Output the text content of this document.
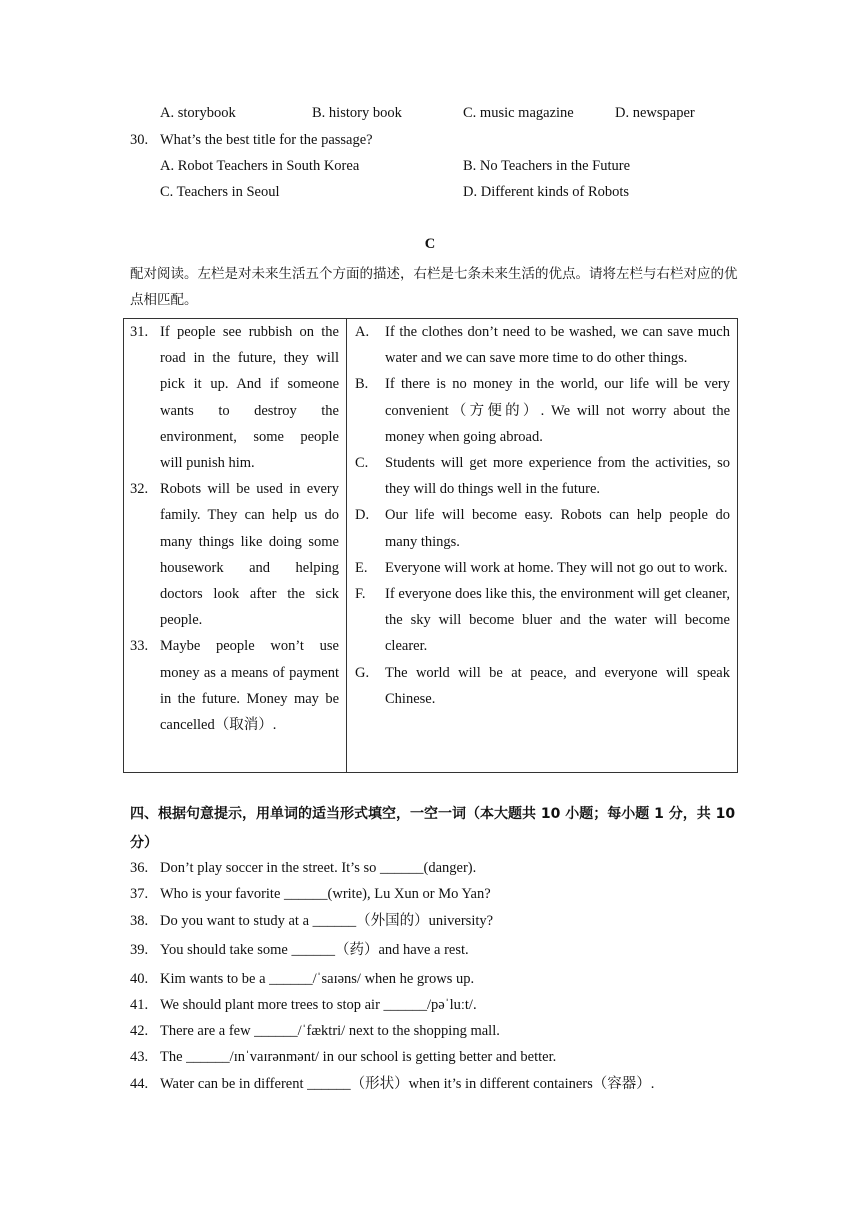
A. storybook	B. history book	C. music magazine	D. newspaper
30. What’s the best title for the passage?
A. Robot Teachers in South Korea	B. No Teachers in the Future
C. Teachers in Seoul	D. Different kinds of Robots
C
配对阅读。左栏是对未来生活五个方面的描述，右栏是七条未来生活的优点。请将左栏与右栏对应的优点相匹配。
31. If people see rubbish on the road in the future, they will pick it up. And if someone wants to destroy the environment, some people will punish him.
32. Robots will be used in every family. They can help us do many things like doing some housework and helping doctors look after the sick people.
33. Maybe people won’t use money as a means of payment in the future. Money may be cancelled（取消）.

A.	If the clothes don’t need to be washed, we can save much water and we can save more time to do other things.
B.	If there is no money in the world, our life will be very convenient（方便的）. We will not worry about the money when going abroad.
C.	Students will get more experience from the activities, so they will do things well in the future.
D.	Our life will become easy. Robots can help people do many things.
E.	Everyone will work at home. They will not go out to work.
F.	If everyone does like this, the environment will get cleaner, the sky will become bluer and the water will become clearer.
G.	The world will be at peace, and everyone will speak Chinese.
四、根据句意提示，用单词的适当形式填空，一空一词（本大题共 10 小题；每小题 1 分，共 10 分）
36. Don’t play soccer in the street. It’s so ______(danger).
37. Who is your favorite ______(write), Lu Xun or Mo Yan?
38. Do you want to study at a ______（外国的）university?
39. You should take some ______（药）and have a rest.
40. Kim wants to be a ______/ˈsaɪəns/ when he grows up.
41. We should plant more trees to stop air ______/pəˈluːt/.
42. There are a few ______/ˈfæktri/ next to the shopping mall.
43. The ______/ɪnˈvaɪrənmənt/ in our school is getting better and better.
44. Water can be in different ______（形状）when it’s in different containers（容器）.
